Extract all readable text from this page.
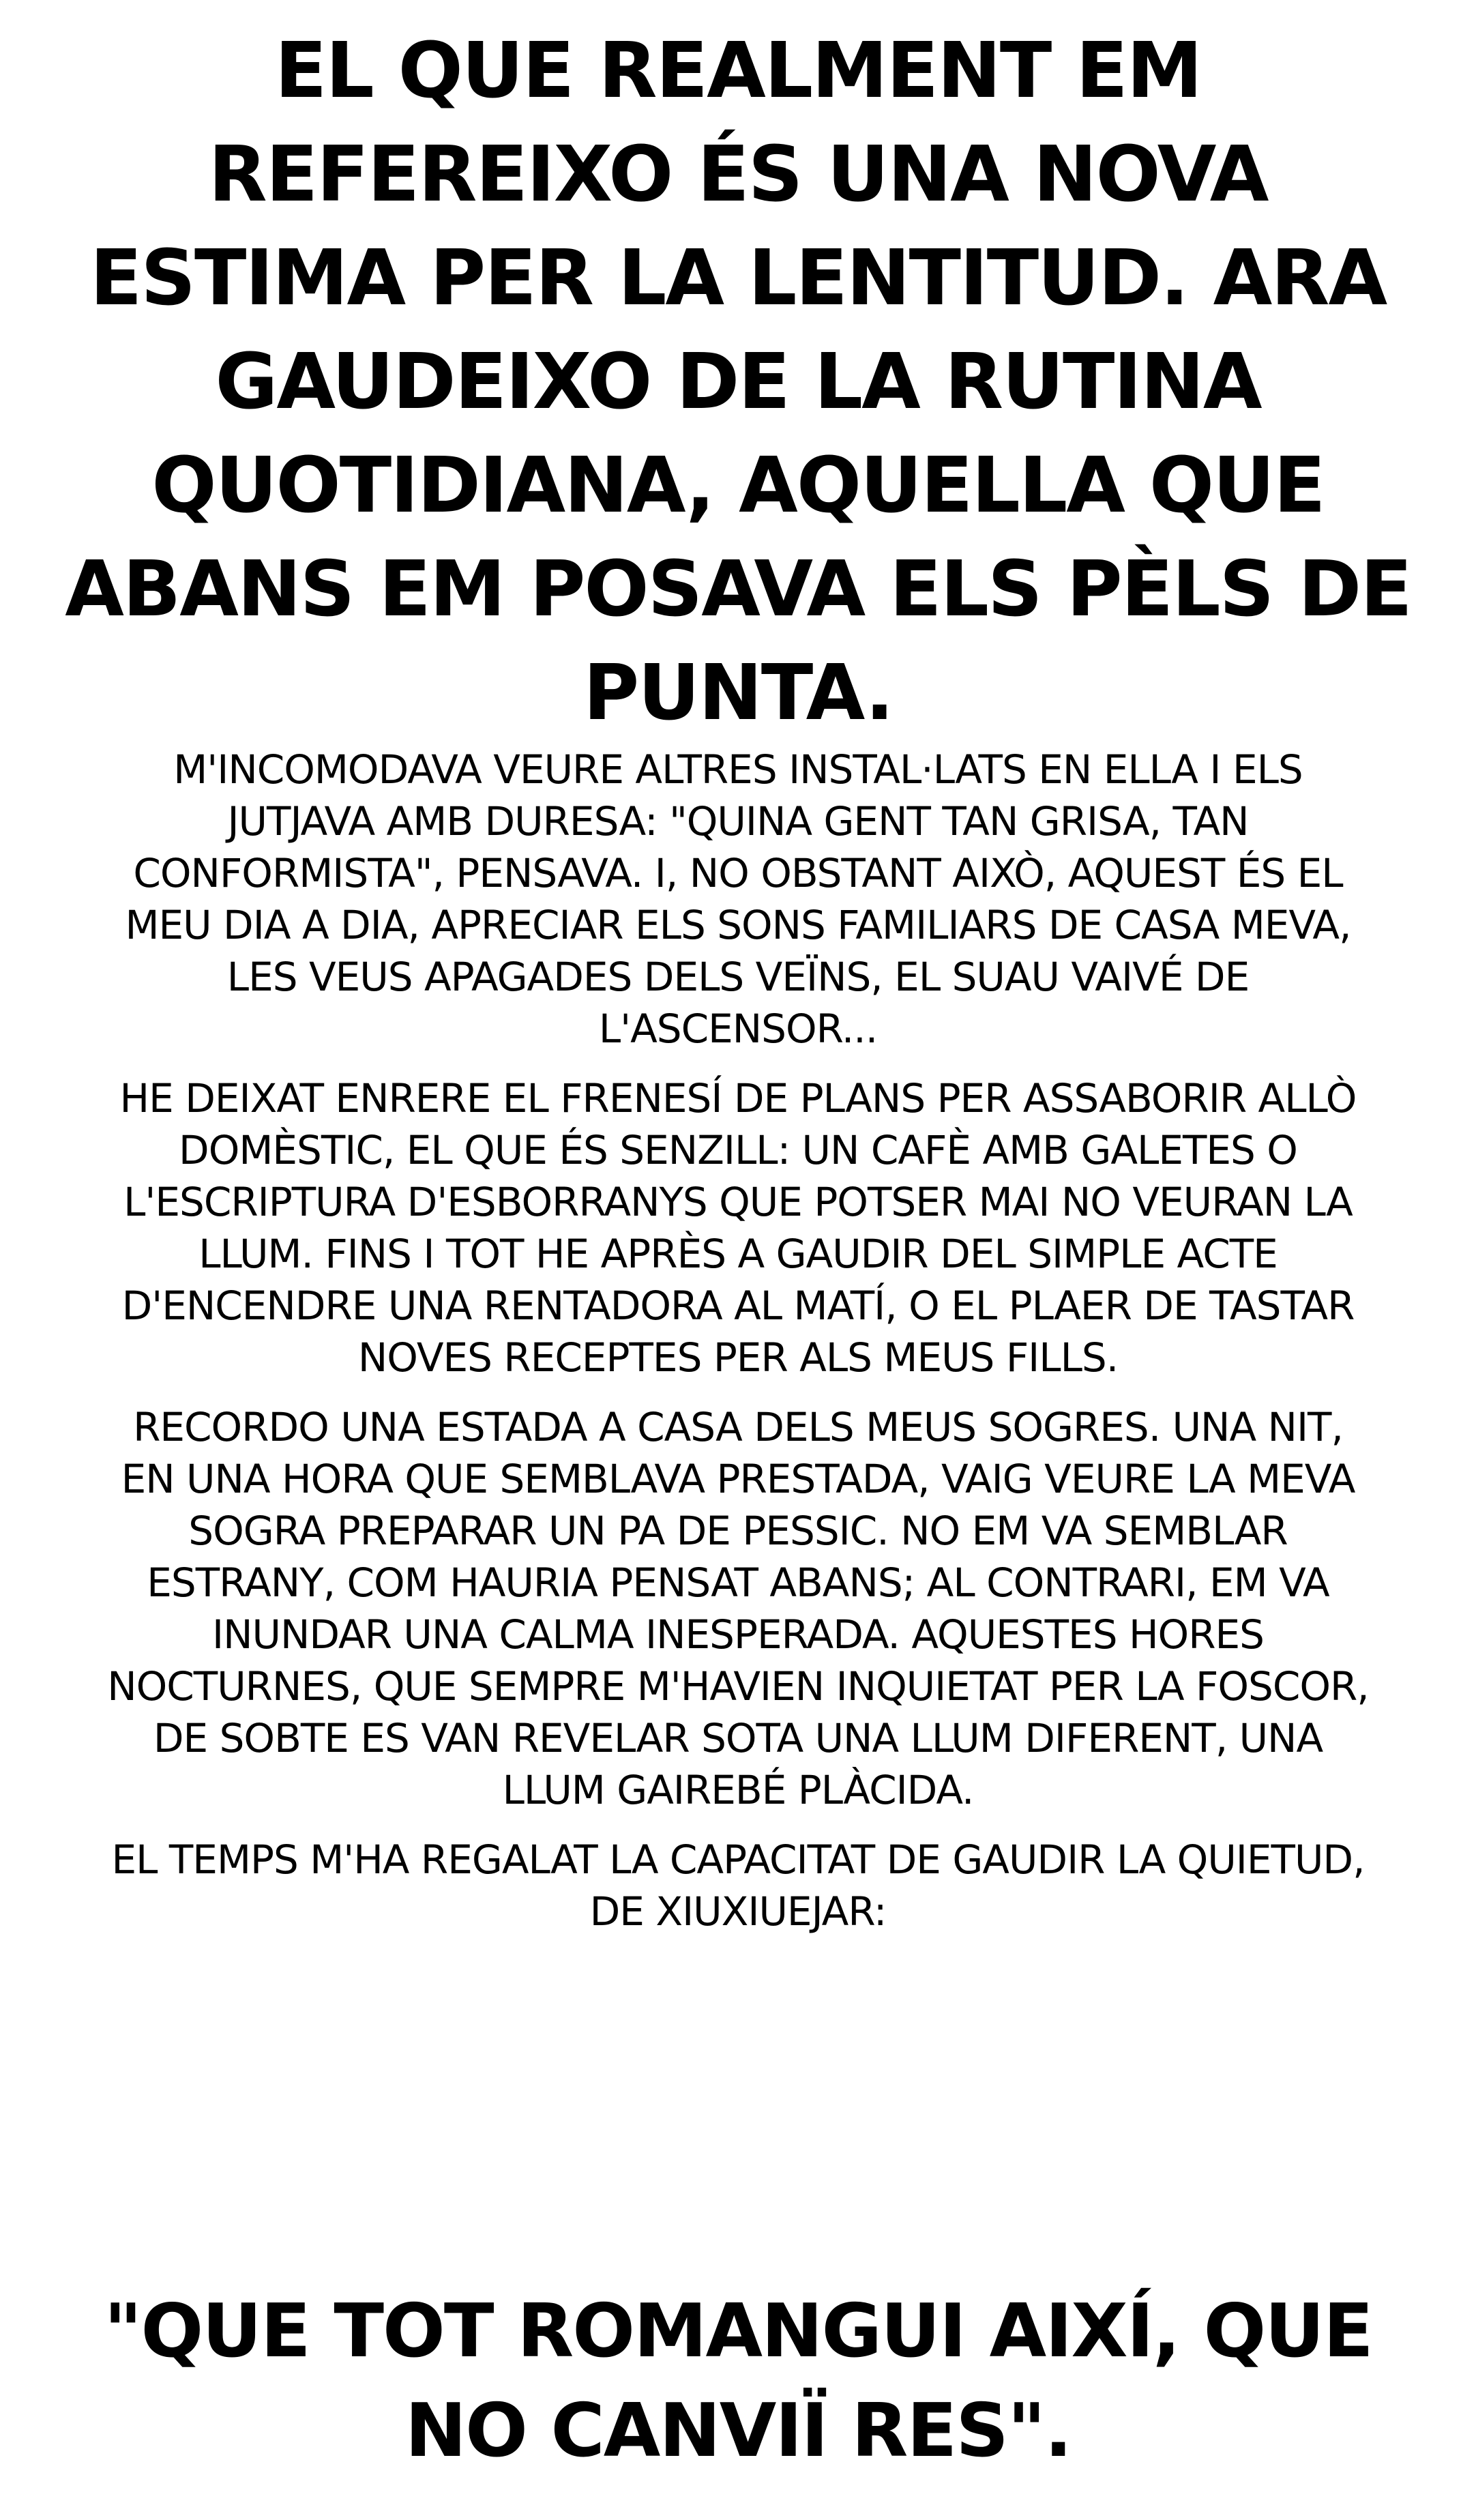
EL QUE REALMENT EM REFEREIXO ÉS UNA NOVA ESTIMA PER LA LENTITUD. ARA GAUDEIXO DE LA RUTINA QUOTIDIANA, AQUELLA QUE ABANS EM POSAVA ELS PÈLS DE PUNTA.

M'INCOMODAVA VEURE ALTRES INSTAL·LATS EN ELLA I ELS JUTJAVA AMB DURESA: "QUINA GENT TAN GRISA, TAN CONFORMISTA", PENSAVA. I, NO OBSTANT AIXÒ, AQUEST ÉS EL MEU DIA A DIA, APRECIAR ELS SONS FAMILIARS DE CASA MEVA, LES VEUS APAGADES DELS VEÏNS, EL SUAU VAIVÉ DE L'ASCENSOR...

HE DEIXAT ENRERE EL FRENESÍ DE PLANS PER ASSABORIR ALLÒ DOMÈSTIC, EL QUE ÉS SENZILL: UN CAFÈ AMB GALETES O L'ESCRIPTURA D'ESBORRANYS QUE POTSER MAI NO VEURAN LA LLUM. FINS I TOT HE APRÈS A GAUDIR DEL SIMPLE ACTE D'ENCENDRE UNA RENTADORA AL MATÍ, O EL PLAER DE TASTAR NOVES RECEPTES PER ALS MEUS FILLS.

RECORDO UNA ESTADA A CASA DELS MEUS SOGRES. UNA NIT, EN UNA HORA QUE SEMBLAVA PRESTADA, VAIG VEURE LA MEVA SOGRA PREPARAR UN PA DE PESSIC. NO EM VA SEMBLAR ESTRANY, COM HAURIA PENSAT ABANS; AL CONTRARI, EM VA INUNDAR UNA CALMA INESPERADA. AQUESTES HORES NOCTURNES, QUE SEMPRE M'HAVIEN INQUIETAT PER LA FOSCOR, DE SOBTE ES VAN REVELAR SOTA UNA LLUM DIFERENT, UNA LLUM GAIREBÉ PLÀCIDA.

EL TEMPS M'HA REGALAT LA CAPACITAT DE GAUDIR LA QUIETUD, DE XIUXIUEJAR:

"QUE TOT ROMANGUI AIXÍ, QUE NO CANVIÏ RES".
